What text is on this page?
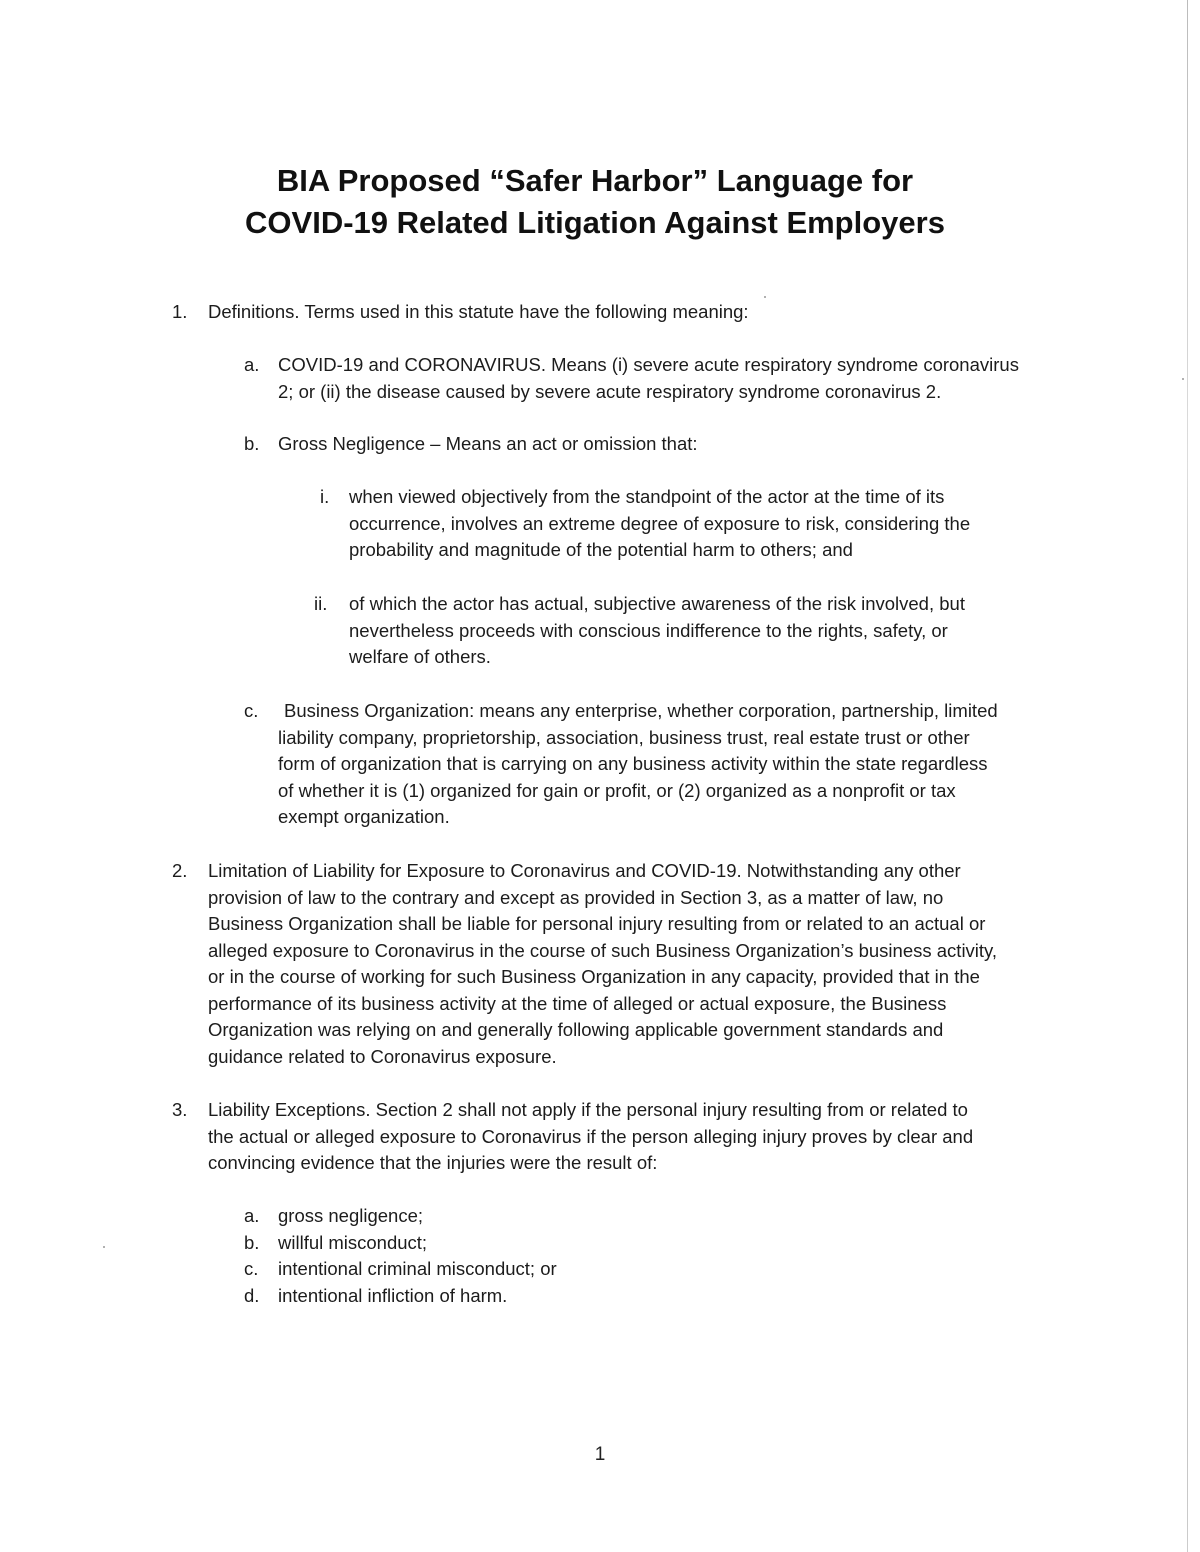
BIA Proposed “Safer Harbor” Language for
COVID-19 Related Litigation Against Employers
1. Definitions. Terms used in this statute have the following meaning:
a. COVID-19 and CORONAVIRUS. Means (i) severe acute respiratory syndrome coronavirus
2; or (ii) the disease caused by severe acute respiratory syndrome coronavirus 2.
b. Gross Negligence – Means an act or omission that:
i. when viewed objectively from the standpoint of the actor at the time of its
occurrence, involves an extreme degree of exposure to risk, considering the
probability and magnitude of the potential harm to others; and
ii. of which the actor has actual, subjective awareness of the risk involved, but
nevertheless proceeds with conscious indifference to the rights, safety, or
welfare of others.
c.	Business Organization: means any enterprise, whether corporation, partnership, limited
liability company, proprietorship, association, business trust, real estate trust or other
form of organization that is carrying on any business activity within the state regardless
of whether it is (1) organized for gain or profit, or (2) organized as a nonprofit or tax
exempt organization.
2. Limitation of Liability for Exposure to Coronavirus and COVID-19. Notwithstanding any other
provision of law to the contrary and except as provided in Section 3, as a matter of law, no
Business Organization shall be liable for personal injury resulting from or related to an actual or
alleged exposure to Coronavirus in the course of such Business Organization’s business activity,
or in the course of working for such Business Organization in any capacity, provided that in the
performance of its business activity at the time of alleged or actual exposure, the Business
Organization was relying on and generally following applicable government standards and
guidance related to Coronavirus exposure.
3. Liability Exceptions. Section 2 shall not apply if the personal injury resulting from or related to
the actual or alleged exposure to Coronavirus if the person alleging injury proves by clear and
convincing evidence that the injuries were the result of:
a. gross negligence;
b. willful misconduct;
c. intentional criminal misconduct; or
d. intentional infliction of harm.
1
